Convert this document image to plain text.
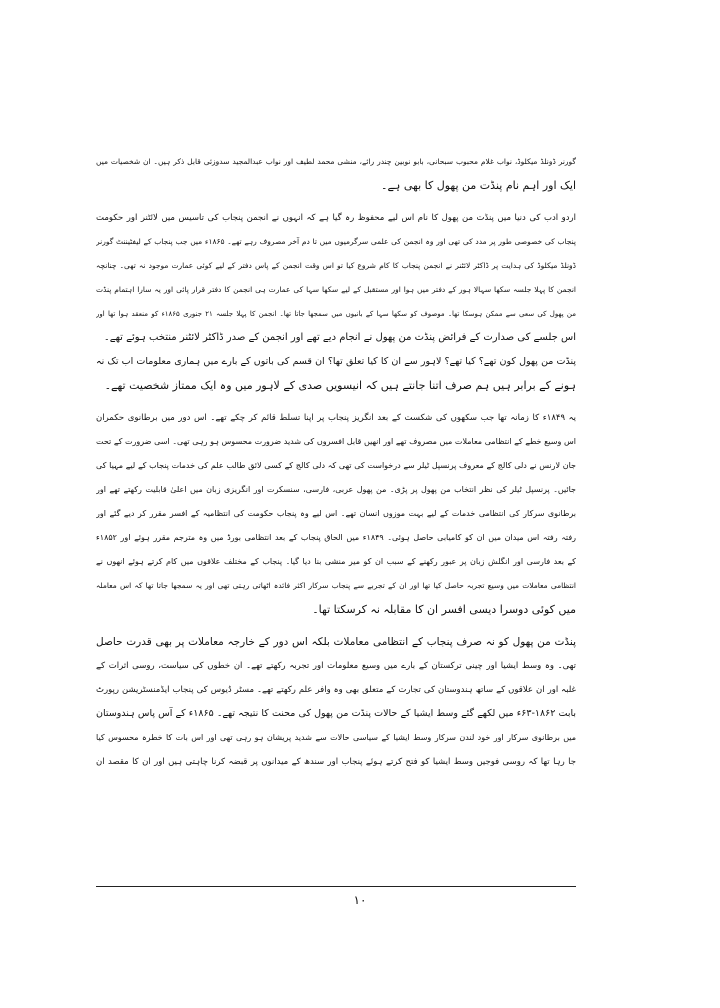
گورنر ڈونلڈ میکلوڈ، نواب غلام محبوب سبحانی، بابو نوبین چندر رائے، منشی محمد لطیف اور نواب عبدالمجید سدوزئی قابل ذکر ہیں۔ ان شخصیات میں
ایک اور اہم نام پنڈت من پھول کا بھی ہے۔
اردو ادب کی دنیا میں پنڈت من پھول کا نام اس لیے محفوظ رہ گیا ہے کہ انہوں نے انجمن پنجاب کی تاسیس میں لائٹنر اور حکومت
پنجاب کی خصوصی طور پر مدد کی تھی اور وہ انجمن کی علمی سرگرمیوں میں تا دم آخر مصروف رہے تھے۔ ۱۸۶۵ء میں جب پنجاب کے لیفٹیننٹ گورنر
ڈونلڈ میکلوڈ کی ہدایت پر ڈاکٹر لائٹنر نے انجمن پنجاب کا کام شروع کیا تو اس وقت انجمن کے پاس دفتر کے لیے کوئی عمارت موجود نہ تھی۔ چنانچہ
انجمن کا پہلا جلسہ سکھا سہالا ہور کے دفتر میں ہوا اور مستقبل کے لیے سکھا سہا کی عمارت ہی انجمن کا دفتر قرار پائی اور یہ سارا اہتمام پنڈت
من پھول کی سعی سے ممکن ہوسکا تھا۔ موصوف کو سکھا سہا کے بانیوں میں سمجھا جاتا تھا۔ انجمن کا پہلا جلسہ ۲۱ جنوری ۱۸۶۵ء کو منعقد ہوا تھا اور
اس جلسے کی صدارت کے فرائض پنڈت من پھول نے انجام دیے تھے اور انجمن کے صدر ڈاکٹر لائٹنر منتخب ہوئے تھے۔
پنڈت من پھول کون تھے؟ کیا تھے؟ لاہور سے ان کا کیا تعلق تھا؟ ان قسم کی باتوں کے بارے میں ہماری معلومات اب تک نہ
ہونے کے برابر ہیں ہم صرف اتنا جانتے ہیں کہ انیسویں صدی کے لاہور میں وہ ایک ممتاز شخصیت تھے۔
یہ ۱۸۴۹ء کا زمانہ تھا جب سکھوں کی شکست کے بعد انگریز پنجاب پر اپنا تسلط قائم کر چکے تھے۔ اس دور میں برطانوی حکمران
اس وسیع خطے کے انتظامی معاملات میں مصروف تھے اور انھیں قابل افسروں کی شدید ضرورت محسوس ہو رہی تھی۔ اسی ضرورت کے تحت
جان لارنس نے دلی کالج کے معروف پرنسپل ٹیلر سے درخواست کی تھی کہ دلی کالج کے کسی لائق طالب علم کی خدمات پنجاب کے لیے مہیا کی
جائیں۔ پرنسپل ٹیلر کی نظر انتخاب من پھول پر پڑی۔ من پھول عربی، فارسی، سنسکرت اور انگریزی زبان میں اعلیٰ قابلیت رکھتے تھے اور
برطانوی سرکار کی انتظامی خدمات کے لیے بہت موزوں انسان تھے۔ اس لیے وہ پنجاب حکومت کی انتظامیہ کے افسر مقرر کر دیے گئے اور
رفتہ رفتہ اس میدان میں ان کو کامیابی حاصل ہوئی۔ ۱۸۴۹ء میں الحاق پنجاب کے بعد انتظامی بورڈ میں وہ مترجم مقرر ہوئے اور ۱۸۵۲ء
کے بعد فارسی اور انگلش زبان پر عبور رکھنے کے سبب ان کو میر منشی بنا دیا گیا۔ پنجاب کے مختلف علاقوں میں کام کرتے ہوئے انھوں نے
انتظامی معاملات میں وسیع تجربہ حاصل کیا تھا اور ان کے تجربے سے پنجاب سرکار اکثر فائدہ اٹھاتی رہتی تھی اور یہ سمجھا جاتا تھا کہ اس معاملہ
میں کوئی دوسرا دیسی افسر ان کا مقابلہ نہ کرسکتا تھا۔
پنڈت من پھول کو نہ صرف پنجاب کے انتظامی معاملات بلکہ اس دور کے خارجہ معاملات پر بھی قدرت حاصل
تھی۔ وہ وسط ایشیا اور چینی ترکستان کے بارے میں وسیع معلومات اور تجربہ رکھتے تھے۔ ان خطوں کی سیاست، روسی اثرات کے
غلبہ اور ان علاقوں کے ساتھ ہندوستان کی تجارت کے متعلق بھی وہ وافر علم رکھتے تھے۔ مسٹر ڈیوس کی پنجاب ایڈمنسٹریشن رپورٹ
بابت ۱۸۶۲-۶۳ء میں لکھے گئے وسط ایشیا کے حالات پنڈت من پھول کی محنت کا نتیجہ تھے۔ ۱۸۶۵ء کے آس پاس ہندوستان
میں برطانوی سرکار اور خود لندن سرکار وسط ایشیا کے سیاسی حالات سے شدید پریشان ہو رہی تھی اور اس بات کا خطرہ محسوس کیا
جا رہا تھا کہ روسی فوجیں وسط ایشیا کو فتح کرتے ہوئے پنجاب اور سندھ کے میدانوں پر قبضہ کرنا چاہتی ہیں اور ان کا مقصد ان
۱۰
